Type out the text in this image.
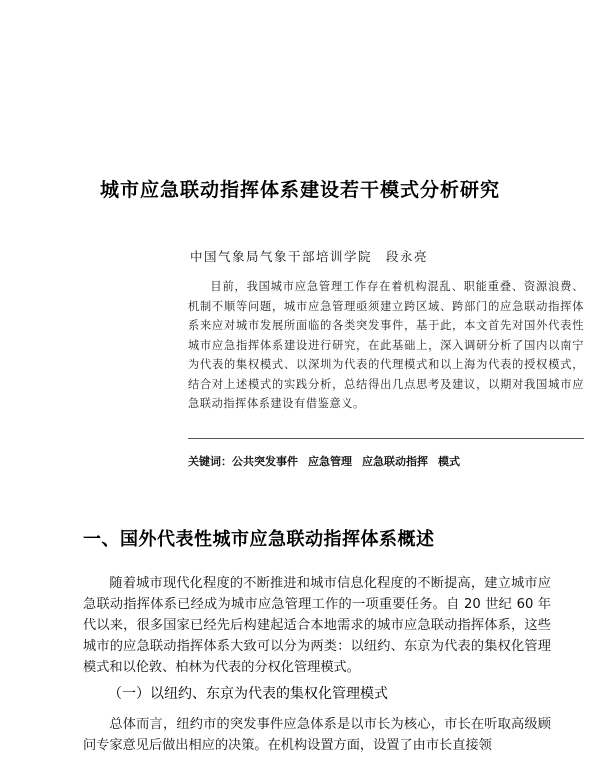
城市应急联动指挥体系建设若干模式分析研究
中国气象局气象干部培训学院　段永亮
目前，我国城市应急管理工作存在着机构混乱、职能重叠、资源浪费、机制不顺等问题，城市应急管理亟须建立跨区域、跨部门的应急联动指挥体系来应对城市发展所面临的各类突发事件，基于此，本文首先对国外代表性城市应急指挥体系建设进行研究，在此基础上，深入调研分析了国内以南宁为代表的集权模式、以深圳为代表的代理模式和以上海为代表的授权模式，结合对上述模式的实践分析，总结得出几点思考及建议，以期对我国城市应急联动指挥体系建设有借鉴意义。
关键词：公共突发事件 应急管理 应急联动指挥 模式
一、国外代表性城市应急联动指挥体系概述
随着城市现代化程度的不断推进和城市信息化程度的不断提高，建立城市应急联动指挥体系已经成为城市应急管理工作的一项重要任务。自 20 世纪 60 年代以来，很多国家已经先后构建起适合本地需求的城市应急联动指挥体系，这些城市的应急联动指挥体系大致可以分为两类：以纽约、东京为代表的集权化管理模式和以伦敦、柏林为代表的分权化管理模式。
（一）以纽约、东京为代表的集权化管理模式
总体而言，纽约市的突发事件应急体系是以市长为核心，市长在听取高级顾问专家意见后做出相应的决策。在机构设置方面，设置了由市长直接领
